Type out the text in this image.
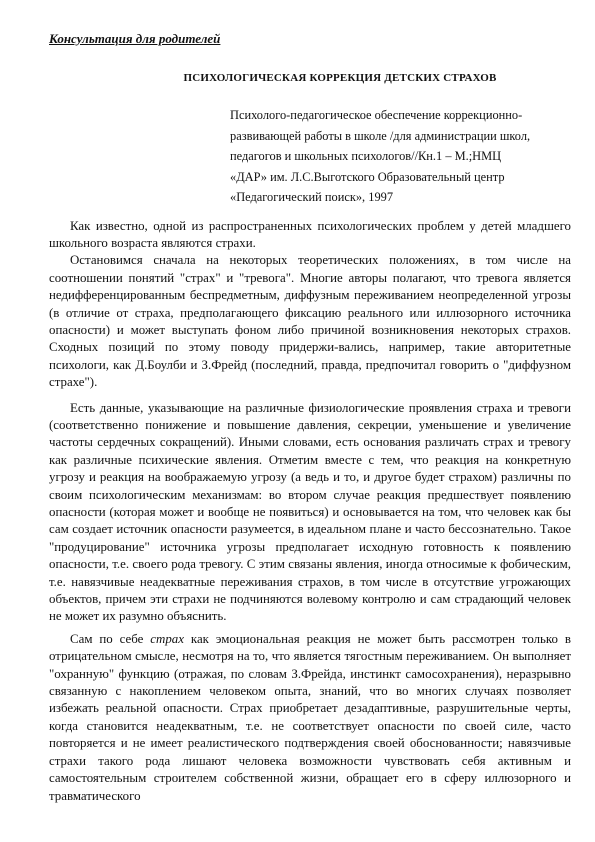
Консультация для родителей

ПСИХОЛОГИЧЕСКАЯ КОРРЕКЦИЯ ДЕТСКИХ СТРАХОВ

Психолого-педагогическое обеспечение коррекционно-
развивающей работы в школе /для администрации школ,
педагогов и школьных психологов//Кн.1 – М.;НМЦ
«ДАР» им. Л.С.Выготского Образовательный центр
«Педагогический поиск», 1997

Как известно, одной из распространенных психологических проблем у детей младшего школьного возраста являются страхи.

Остановимся сначала на некоторых теоретических положениях, в том числе на соотношении понятий "страх" и "тревога". Многие авторы полагают, что тревога является недифференцированным беспредметным, диффузным переживанием неопределенной угрозы (в отличие от страха, предполагающего фиксацию реального или иллюзорного источника опасности) и может выступать фоном либо причиной возникновения некоторых страхов. Сходных позиций по этому поводу придержи-вались, например, такие авторитетные психологи, как Д.Боулби и З.Фрейд (последний, правда, предпочитал говорить о "диффузном страхе").

Есть данные, указывающие на различные физиологические проявления страха и тревоги (соответственно понижение и повышение давления, секреции, уменьшение и увеличение частоты сердечных сокращений). Иными словами, есть основания различать страх и тревогу как различные психические явления. Отметим вместе с тем, что реакция на конкретную угрозу и реакция на воображаемую угрозу (а ведь и то, и другое будет страхом) различны по своим психологическим механизмам: во втором случае реакция предшествует появлению опасности (которая может и вообще не появиться) и основывается на том, что человек как бы сам создает источник опасности разумеется, в идеальном плане и часто бессознательно. Такое "продуцирование" источника угрозы предполагает исходную готовность к появлению опасности, т.е. своего рода тревогу. С этим связаны явления, иногда относимые к фобическим, т.е. навязчивые неадекватные переживания страхов, в том числе в отсутствие угрожающих объектов, причем эти страхи не подчиняются волевому контролю и сам страдающий человек не может их разумно объяснить.

Сам по себе страх как эмоциональная реакция не может быть рассмотрен только в отрицательном смысле, несмотря на то, что является тягостным переживанием. Он выполняет "охранную" функцию (отражая, по словам З.Фрейда, инстинкт самосохранения), неразрывно связанную с накоплением человеком опыта, знаний, что во многих случаях позволяет избежать реальной опасности. Страх приобретает дезадаптивные, разрушительные черты, когда становится неадекватным, т.е. не соответствует опасности по своей силе, часто повторяется и не имеет реалистического подтверждения своей обоснованности; навязчивые страхи такого рода лишают человека возможности чувствовать себя активным и самостоятельным строителем собственной жизни, обращает его в сферу иллюзорного и травматического
